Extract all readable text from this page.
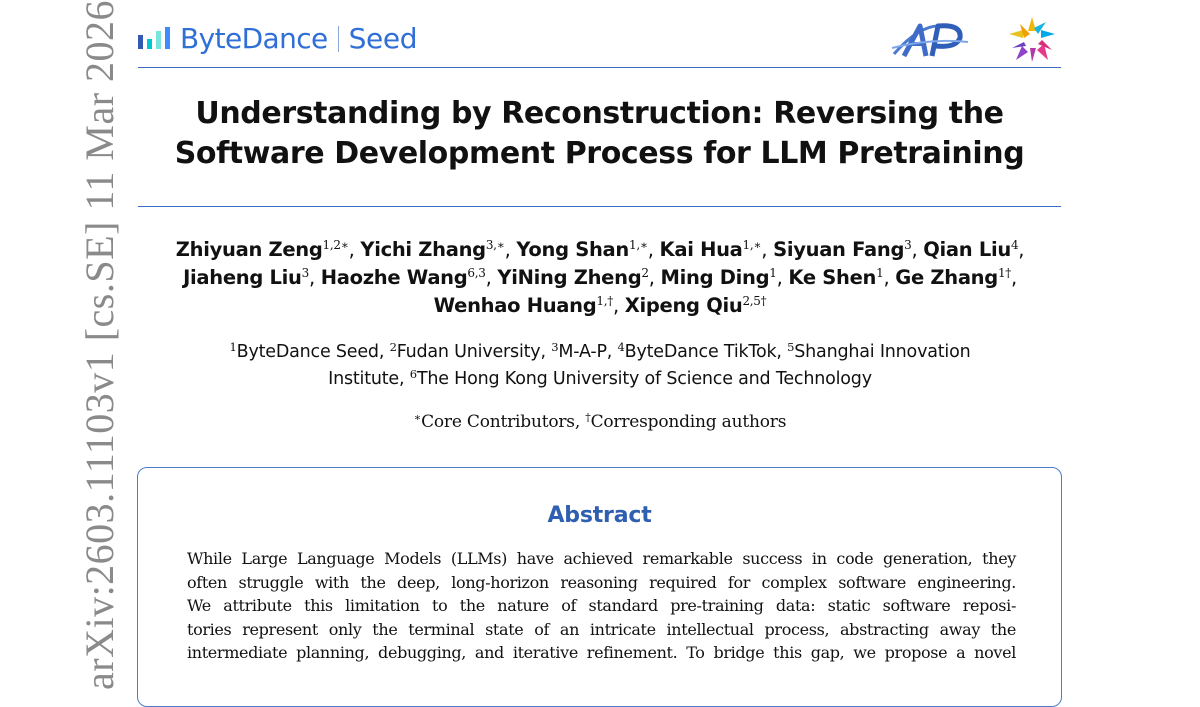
ByteDance Seed
Understanding by Reconstruction: Reversing the
Software Development Process for LLM Pretraining
Zhiyuan Zeng$^{1,2∗}$, Yichi Zhang$^{3,∗}$, Yong Shan$^{1,∗}$, Kai Hua$^{1,∗}$, Siyuan Fang$^3$, Qian Liu$^4$,
Jiaheng Liu$^3$, Haozhe Wang$^{6,3}$, YiNing Zheng$^2$, Ming Ding$^1$, Ke Shen$^1$, Ge Zhang$^{1\dagger}$,
Wenhao Huang$^{1,\dagger}$, Xipeng Qiu$^{2,5\dagger}$
$^1$ByteDance Seed, $^2$Fudan University, $^3$M-A-P, $^4$ByteDance TikTok, $^5$Shanghai Innovation
Institute, $^6$The Hong Kong University of Science and Technology
∗Core Contributors, †Corresponding authors
Abstract
While Large Language Models (LLMs) have achieved remarkable success in code generation, they
often struggle with the deep, long-horizon reasoning required for complex software engineering.
We attribute this limitation to the nature of standard pre-training data: static software reposi-
tories represent only the terminal state of an intricate intellectual process, abstracting away the
intermediate planning, debugging, and iterative refinement. To bridge this gap, we propose a novel
arXiv:2603.11103v1 [cs.SE] 11 Mar 2026
